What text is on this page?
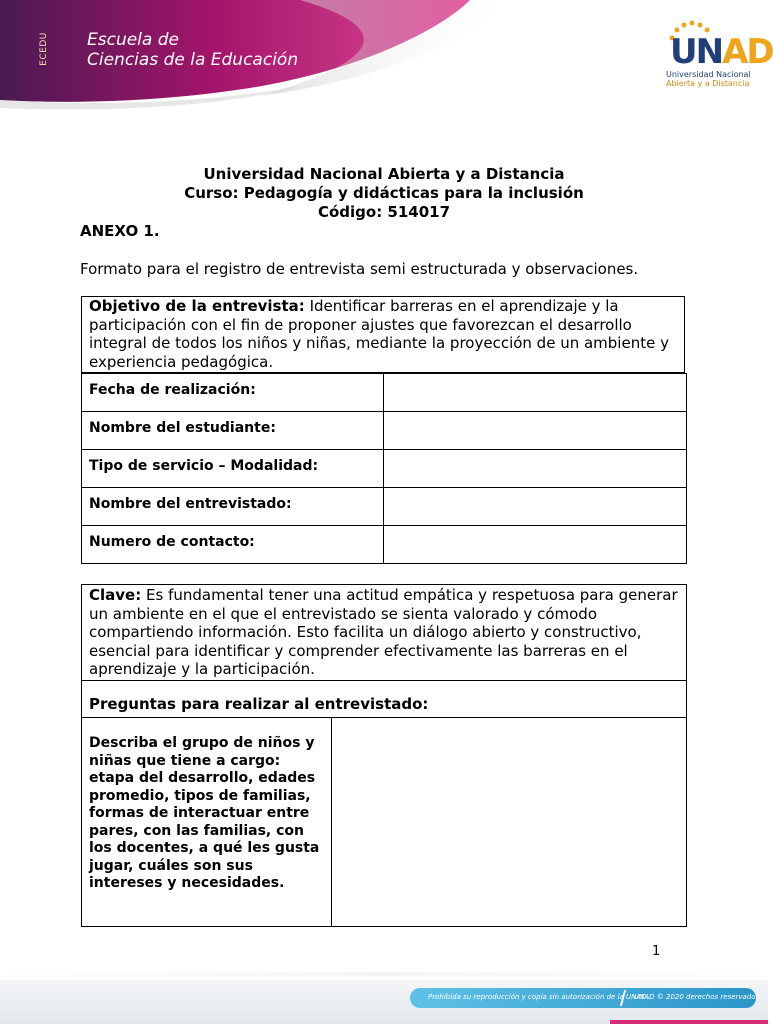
ECEDU Escuela de
Ciencias de la Educación	UNAD
Universidad Nacional
Abierta y a Distancia
Universidad Nacional Abierta y a Distancia
Curso: Pedagogía y didácticas para la inclusión
Código: 514017
ANEXO 1.
Formato para el registro de entrevista semi estructurada y observaciones.
Objetivo de la entrevista: Identificar barreras en el aprendizaje y la participación con el fin de proponer ajustes que favorezcan el desarrollo integral de todos los niños y niñas, mediante la proyección de un ambiente y experiencia pedagógica.
Fecha de realización:
Nombre del estudiante:
Tipo de servicio – Modalidad:
Nombre del entrevistado:
Numero de contacto:
Clave: Es fundamental tener una actitud empática y respetuosa para generar un ambiente en el que el entrevistado se sienta valorado y cómodo compartiendo información. Esto facilita un diálogo abierto y constructivo, esencial para identificar y comprender efectivamente las barreras en el aprendizaje y la participación.
Preguntas para realizar al entrevistado:
Describa el grupo de niños y niñas que tiene a cargo: etapa del desarrollo, edades promedio, tipos de familias, formas de interactuar entre pares, con las familias, con los docentes, a qué les gusta jugar, cuáles son sus intereses y necesidades.
1
Prohibida su reproducción y copia sin autorización de la UNAD.
UNAD © 2020 derechos reservados.
